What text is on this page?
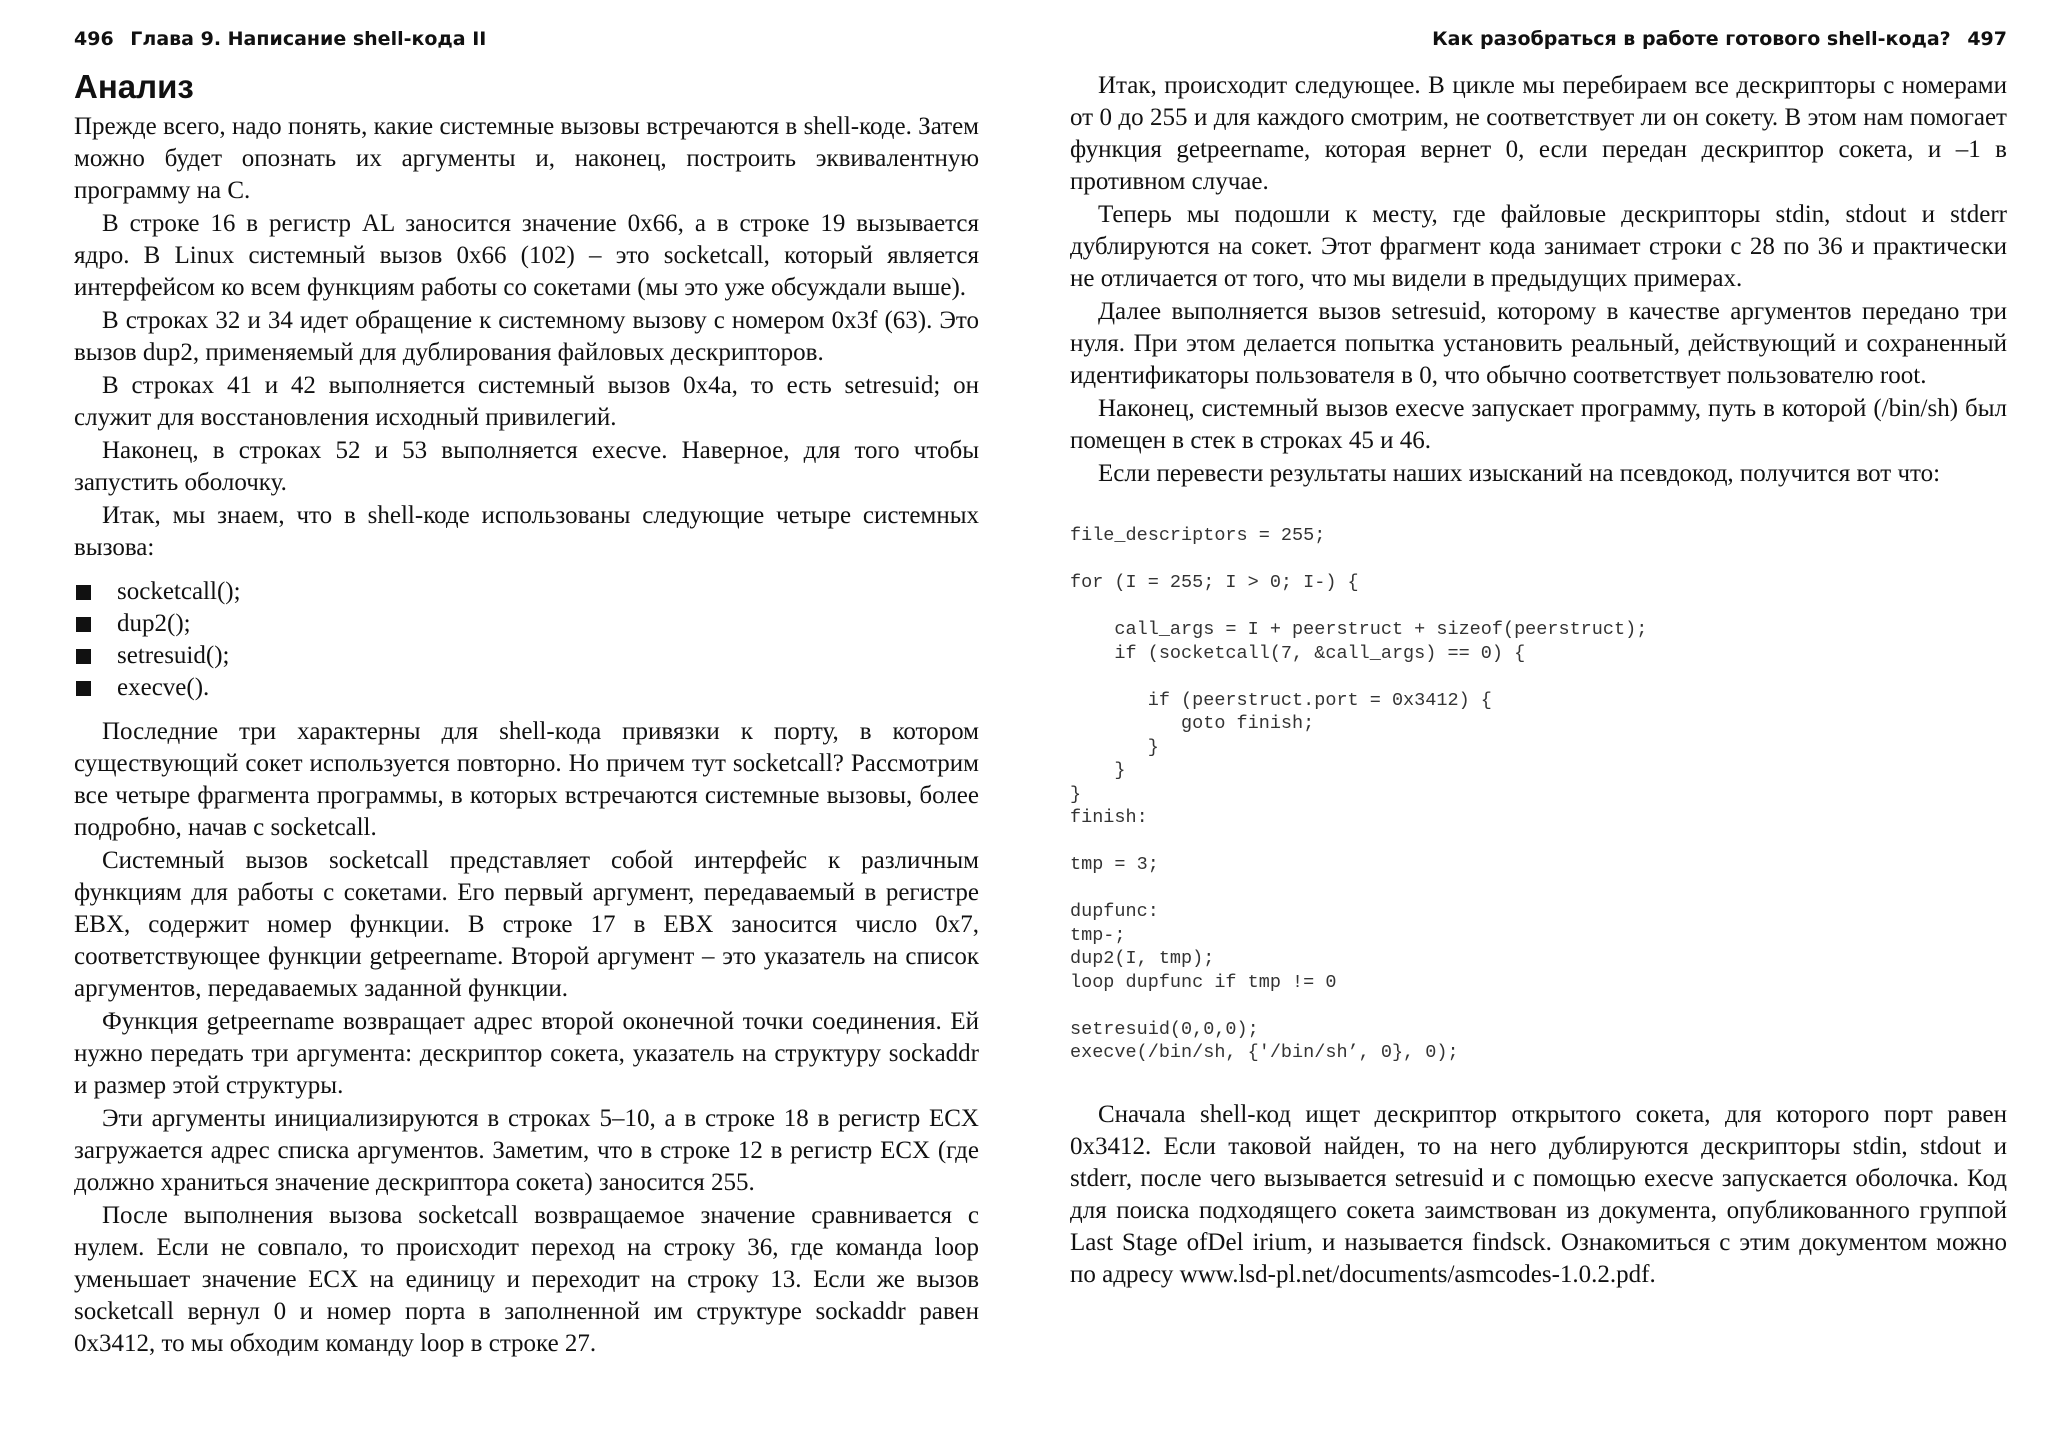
496 Глава 9. Написание shell-кода II
Анализ

Прежде всего, надо понять, какие системные вызовы встречаются в shell-коде. Затем можно будет опознать их аргументы и, наконец, построить эквивалентную программу на C.

В строке 16 в регистр AL заносится значение 0x66, а в строке 19 вызывается ядро. В Linux системный вызов 0x66 (102) – это socketcall, который является интерфейсом ко всем функциям работы со сокетами (мы это уже обсуждали выше).

В строках 32 и 34 идет обращение к системному вызову с номером 0x3f (63). Это вызов dup2, применяемый для дублирования файловых дескрипторов.

В строках 41 и 42 выполняется системный вызов 0x4a, то есть setresuid; он служит для восстановления исходный привилегий.

Наконец, в строках 52 и 53 выполняется execve. Наверное, для того чтобы запустить оболочку.

Итак, мы знаем, что в shell-коде использованы следующие четыре системных вызова:

socketcall();
dup2();
setresuid();
execve().

Последние три характерны для shell-кода привязки к порту, в котором существующий сокет используется повторно. Но причем тут socketcall? Рассмотрим все четыре фрагмента программы, в которых встречаются системные вызовы, более подробно, начав с socketcall.

Системный вызов socketcall представляет собой интерфейс к различным функциям для работы с сокетами. Его первый аргумент, передаваемый в регистре EBX, содержит номер функции. В строке 17 в EBX заносится число 0x7, соответствующее функции getpeername. Второй аргумент – это указатель на список аргументов, передаваемых заданной функции.

Функция getpeername возвращает адрес второй оконечной точки соединения. Ей нужно передать три аргумента: дескриптор сокета, указатель на структуру sockaddr и размер этой структуры.

Эти аргументы инициализируются в строках 5–10, а в строке 18 в регистр ECX загружается адрес списка аргументов. Заметим, что в строке 12 в регистр ECX (где должно храниться значение дескриптора сокета) заносится 255.

После выполнения вызова socketcall возвращаемое значение сравнивается с нулем. Если не совпало, то происходит переход на строку 36, где команда loop уменьшает значение ECX на единицу и переходит на строку 13. Если же вызов socketcall вернул 0 и номер порта в заполненной им структуре sockaddr равен 0x3412, то мы обходим команду loop в строке 27.

Как разобраться в работе готового shell-кода? 497

Итак, происходит следующее. В цикле мы перебираем все дескрипторы с номерами от 0 до 255 и для каждого смотрим, не соответствует ли он сокету. В этом нам помогает функция getpeername, которая вернет 0, если передан дескриптор сокета, и –1 в противном случае.

Теперь мы подошли к месту, где файловые дескрипторы stdin, stdout и stderr дублируются на сокет. Этот фрагмент кода занимает строки с 28 по 36 и практически не отличается от того, что мы видели в предыдущих примерах.

Далее выполняется вызов setresuid, которому в качестве аргументов передано три нуля. При этом делается попытка установить реальный, действующий и сохраненный идентификаторы пользователя в 0, что обычно соответствует пользователю root.

Наконец, системный вызов execve запускает программу, путь в которой (/bin/sh) был помещен в стек в строках 45 и 46.

Если перевести результаты наших изысканий на псевдокод, получится вот что:

file_descriptors = 255;

for (I = 255; I > 0; I-) {

call_args = I + peerstruct + sizeof(peerstruct);
if (socketcall(7, &call_args) == 0) {

if (peerstruct.port = 0x3412) {
goto finish;
}
}
}
finish:

tmp = 3;

dupfunc:
tmp-;
dup2(I, tmp);
loop dupfunc if tmp != 0

setresuid(0,0,0);
execve(/bin/sh, {'/bin/sh’, 0}, 0);

Сначала shell-код ищет дескриптор открытого сокета, для которого порт равен 0x3412. Если таковой найден, то на него дублируются дескрипторы stdin, stdout и stderr, после чего вызывается setresuid и с помощью execve запускается оболочка. Код для поиска подходящего сокета заимствован из документа, опубликованного группой Last Stage ofDel irium, и называется findsck. Ознакомиться с этим документом можно по адресу www.lsd-pl.net/documents/asmcodes-1.0.2.pdf.
